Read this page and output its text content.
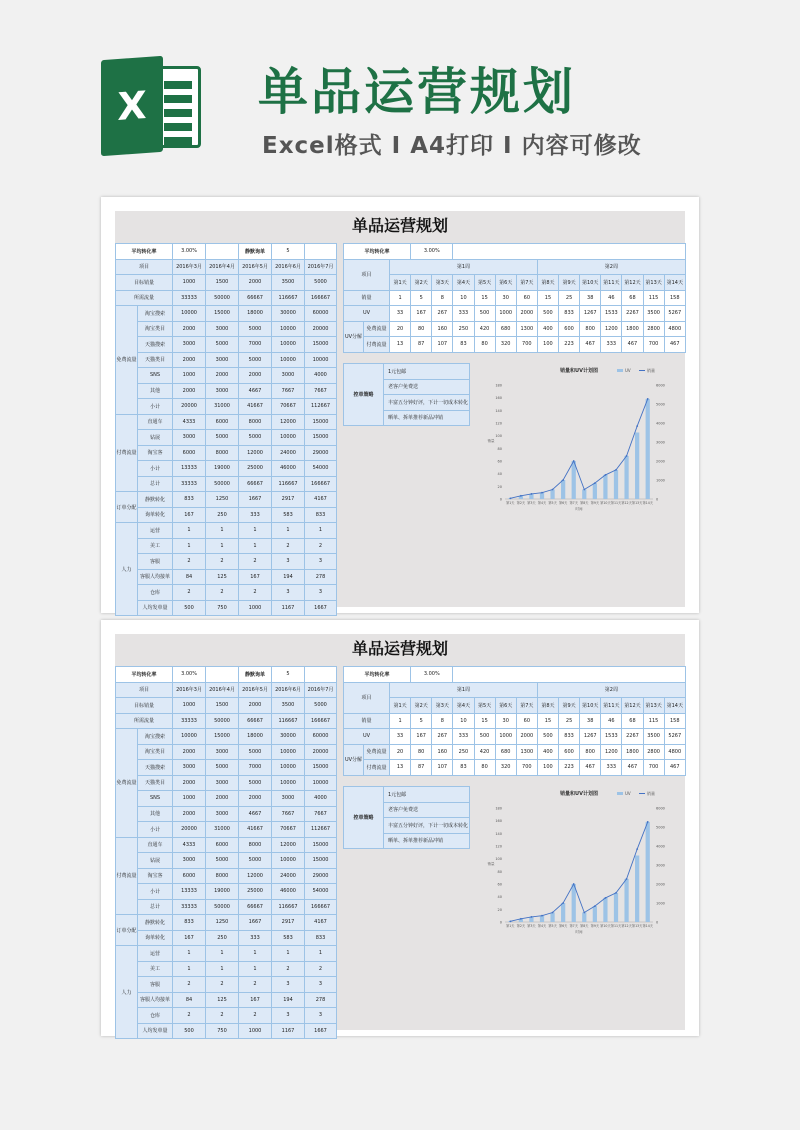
X	单品运营规划
Excel格式 I A4打印 I 内容可修改
单品运营规划
平均转化率		3.00%		静默询单	5	
项目		2016年3月	2016年4月	2016年5月	2016年6月	2016年7月
目标销量		1000	1500	2000	3500	5000
所需流量		33333	50000	66667	116667	166667
免费流量	淘宝搜索	10000	15000	18000	30000	60000
	淘宝类目	2000	3000	5000	10000	20000
	天猫搜索	3000	5000	7000	10000	15000
	天猫类目	2000	3000	5000	10000	10000
	SNS	1000	2000	2000	3000	4000
	其他	2000	3000	4667	7667	7667
	小计	20000	31000	41667	70667	112667
付费流量	直通车	4333	6000	8000	12000	15000
	钻展	3000	5000	5000	10000	15000
	淘宝客	6000	8000	12000	24000	29000
	小计	13333	19000	25000	46000	54000
	总计	33333	50000	66667	116667	166667
订单分配	静默转化	833	1250	1667	2917	4167
	询单转化	167	250	333	583	833
人力	运营	1	1	1	1	1
	美工	1	1	1	2	2
	客服	2	2	2	3	3
	客服人均接单	84	125	167	194	278
	仓库	2	2	2	3	3
	人均发单量	500	750	1000	1167	1667
平均转化率			3.00%												
项目		第1周							第2周						
		第1天	第2天	第3天	第4天	第5天	第6天	第7天	第8天	第9天	第10天	第11天	第12天	第13天	第14天
销量		1	5	8	10	15	30	60	15	25	38	46	68	115	158
UV		33	167	267	333	500	1000	2000	500	833	1267	1533	2267	3500	5267
UV分解	免费流量	20	80	160	250	420	680	1300	400	600	800	1200	1800	2800	4800
	付费流量	13	87	107	83	80	320	700	100	223	467	333	467	700	467
控单策略	1元包邮
老客户免费送
丰富五分钟好评，下计一切成本转化
晒单、拆单推荐新品冲销
销量和UV计划图	UV	销量
0
20
40
60
80
100
120
140
160
180
0
1000
2000
3000
4000
5000
6000
第1天 第2天 第3天 第4天 第5天 第6天 第7天 第8天 第9天 第10天 第11天 第12天 第13天 第14天
时间
销量
单品运营规划
平均转化率		3.00%		静默询单	5	
项目		2016年3月	2016年4月	2016年5月	2016年6月	2016年7月
目标销量		1000	1500	2000	3500	5000
所需流量		33333	50000	66667	116667	166667
免费流量	淘宝搜索	10000	15000	18000	30000	60000
	淘宝类目	2000	3000	5000	10000	20000
	天猫搜索	3000	5000	7000	10000	15000
	天猫类目	2000	3000	5000	10000	10000
	SNS	1000	2000	2000	3000	4000
	其他	2000	3000	4667	7667	7667
	小计	20000	31000	41667	70667	112667
付费流量	直通车	4333	6000	8000	12000	15000
	钻展	3000	5000	5000	10000	15000
	淘宝客	6000	8000	12000	24000	29000
	小计	13333	19000	25000	46000	54000
	总计	33333	50000	66667	116667	166667
订单分配	静默转化	833	1250	1667	2917	4167
	询单转化	167	250	333	583	833
人力	运营	1	1	1	1	1
	美工	1	1	1	2	2
	客服	2	2	2	3	3
	客服人均接单	84	125	167	194	278
	仓库	2	2	2	3	3
	人均发单量	500	750	1000	1167	1667
平均转化率			3.00%												
项目		第1周							第2周						
		第1天	第2天	第3天	第4天	第5天	第6天	第7天	第8天	第9天	第10天	第11天	第12天	第13天	第14天
销量		1	5	8	10	15	30	60	15	25	38	46	68	115	158
UV		33	167	267	333	500	1000	2000	500	833	1267	1533	2267	3500	5267
UV分解	免费流量	20	80	160	250	420	680	1300	400	600	800	1200	1800	2800	4800
	付费流量	13	87	107	83	80	320	700	100	223	467	333	467	700	467
控单策略	1元包邮
老客户免费送
丰富五分钟好评，下计一切成本转化
晒单、拆单推荐新品冲销
销量和UV计划图	UV	销量
0
20
40
60
80
100
120
140
160
180
0
1000
2000
3000
4000
5000
6000
第1天 第2天 第3天 第4天 第5天 第6天 第7天 第8天 第9天 第10天 第11天 第12天 第13天 第14天
时间
销量
